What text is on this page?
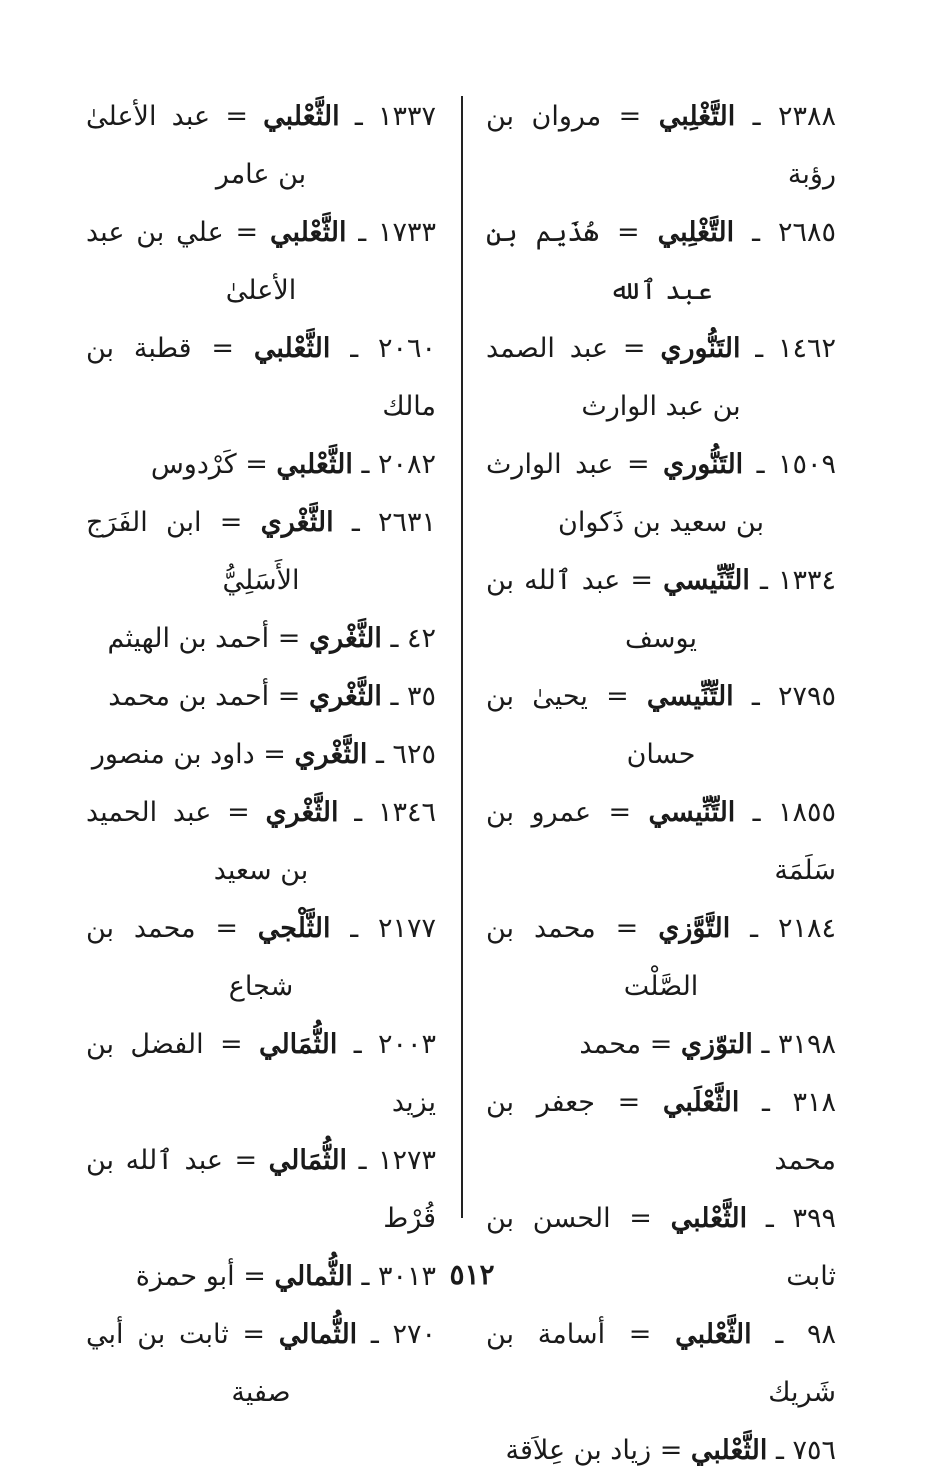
٢٣٨٨ ـ التَّغْلِبي = مروان بن رؤبة
٢٦٨٥ ـ التَّغْلِبي = هُذَيم بن عبد ٱلله
١٤٦٢ ـ التَنُّوري = عبد الصمد بن عبد الوارث
١٥٠٩ ـ التَنُّوري = عبد الوارث بن سعيد بن ذَكوان
١٣٣٤ ـ التِّنِّيسي = عبد ٱلله بن يوسف
٢٧٩٥ ـ التِّنِّيسي = يحيىٰ بن حسان
١٨٥٥ ـ التِّنِّيسي = عمرو بن سَلَمَة
٢١٨٤ ـ التَّوَّزي = محمد بن الصَّلْت
٣١٩٨ ـ التوّزي = محمد
٣١٨ ـ الثَّعْلَبي = جعفر بن محمد
٣٩٩ ـ الثَّعْلبي = الحسن بن ثابت
٩٨ ـ الثَّعْلبي = أسامة بن شَريك
٧٥٦ ـ الثَّعْلبي = زياد بن عِلاَقة
١٣٣٧ ـ الثَّعْلبي = عبد الأعلىٰ بن عامر
١٧٣٣ ـ الثَّعْلبي = علي بن عبد الأعلىٰ
٢٠٦٠ ـ الثَّعْلبي = قطبة بن مالك
٢٠٨٢ ـ الثَّعْلبي = كَرْدوس
٢٦٣١ ـ الثَّغْري = ابن الفَرَج الأَسَلِيُّ
٤٢ ـ الثَّغْري = أحمد بن الهيثم
٣٥ ـ الثَّغْري = أحمد بن محمد
٦٢٥ ـ الثَّغْري = داود بن منصور
١٣٤٦ ـ الثَّغْري = عبد الحميد بن سعيد
٢١٧٧ ـ الثَّلْجي = محمد بن شجاع
٢٠٠٣ ـ الثُّمَالي = الفضل بن يزيد
١٢٧٣ ـ الثُّمَالي = عبد ٱلله بن قُرْط
٣٠١٣ ـ الثُّمالي = أبو حمزة
٢٧٠ ـ الثُّمالي = ثابت بن أبي صفية
٥١٢
